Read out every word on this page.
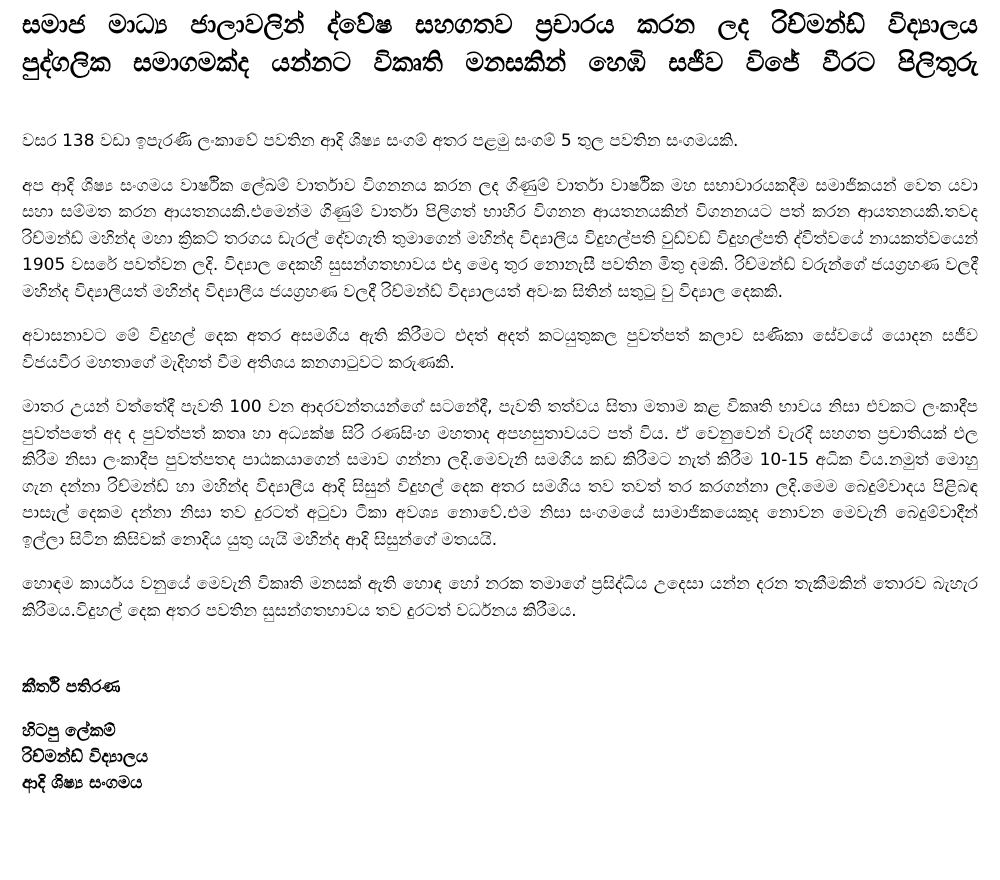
සමාජ මාධ්‍ය ජාලාවලින් ද්වේෂ සහගතව ප්‍රචාරය කරන ලද රිච්මන්ඩ් විද්‍යාලය
පුද්ගලික සමාගමක්ද යන්නට විකෘති මනසකින් හෙඹි සජීව විජේ වීරට පිලිතුරු

වසර 138 වඩා ඉපැරණි ලංකාවේ පවතින ආදි ශිෂ්‍ය සංගම් අතර පළමු සංගම් 5 තුල පවතින සංගමයකි.

අප ආදි ශිෂ්‍ය සංගමය වාර්ෂික ලේඛම් වාර්තාව විගනනය කරන ලද ගිණුම් වාර්තා වාර්ෂික මහ සභාවාරයකදීම සමාජිකයන් වෙත යවා සහා සම්මත කරන ආයතනයකි.එමෙන්ම ගිණුම් වාර්තා පිලිගත් භාහිර විගනන ආයතනයකින් විගනනයට පත් කරන ආයතනයකි.තවද රිච්මන්ඩ් මහින්ද මහා ක්‍රිකට් තරගය ඩැරල් දේවගැති තුමාගෙන් මහින්ද විද්‍යාලීය විදුහල්පති වුඩ්වඩ් විදුහල්පති ද්විත්වයේ නායකත්වයෙන් 1905 වසරේ පවත්වන ලදි. විද්‍යාල දෙකහි සුසන්ගතභාවය එදා මෙදා තුර නොනැසී පවතින මිතු දමකි. රිච්මන්ඩ් වරුන්ගේ ජයග්‍රහණ වලදී මහින්ද විද්‍යාලීයත් මහින්ද විද්‍යාලීය ජයග්‍රහණ වලදී රිච්මන්ඩ් විද්‍යාලයත් අවංක සිතින් සතුටු වු විද්‍යාල දෙකකි.

අවාසනාවට මේ විදුහල් දෙක අතර අසමගිය ඇති කිරීමට එදත් අදත් කටයුතුකල පුවත්පත් කලාව සණිකා සේවයේ යොදන සජීව විජයවීර මහතාගේ මැදිහත් වීම අතිශය කනගාටුවට කරුණකි.

මාතර උයන් වත්තේදී පැවති 100 වන ආදරවන්තයන්ගේ සටනේදී, පැවති තත්වය සිතා මතාම කළ විකෘති භාවය නිසා එවකට ලංකාදීප පුවත්පතේ අද ද පුවත්පත් කතෘ හා අධ්‍යක්ෂ සිරි රණසිංහ මහතාද අපහසුතාවයට පත් විය. ඒ වෙනුවෙන් වැරදි සහගත ප්‍රචාතියක් එල කිරීම නිසා ලංකාදීප පුවත්පතද පාඨකයාගෙන් සමාව ගන්නා ලදි.මෙවැනි සමගිය කඩ කිරීමට නැත් කිරීම 10-15 අධික විය.නමුත් මොහු ගැන දන්නා රිච්මන්ඩ් හා මහින්ද විද්‍යාලීය ආදි සිසුන් විදුහල් දෙක අතර සමගිය තව තවත් තර කරගන්නා ලදි.මෙම බෙදුම්වාදය පිළිබඳ පාසැල් දෙකම දන්නා නිසා තව දුරටත් අටුවා ටීකා අවශ්‍ය නොවේ.එම නිසා සංගමයේ සාමාජිකයෙකුද නොවන මෙවැනි බෙදුම්වාදීන් ඉල්ලා සිටින කිසිවක් නොදිය යුතු යැයි මහින්ද ආදි සිසුන්ගේ මතයයි.

හොඳම කාර්යය වනුයේ මෙවැනි විකෘති මනසක් ඇති හොඳ හෝ නරක තමාගේ ප්‍රසිද්ධිය උදෙසා යන්න දරන තැකීමකින් තොරව බැහැර කිරීමය.විදුහල් දෙක අතර පවතින සුසන්ගතභාවය තව දුරටත් වර්ධනය කිරීමය.

කීර්ති පතිරණ
හිටපු ලේකම්
රිච්මන්ඩ් විද්‍යාලය
ආදි ශිෂ්‍ය සංගමය
